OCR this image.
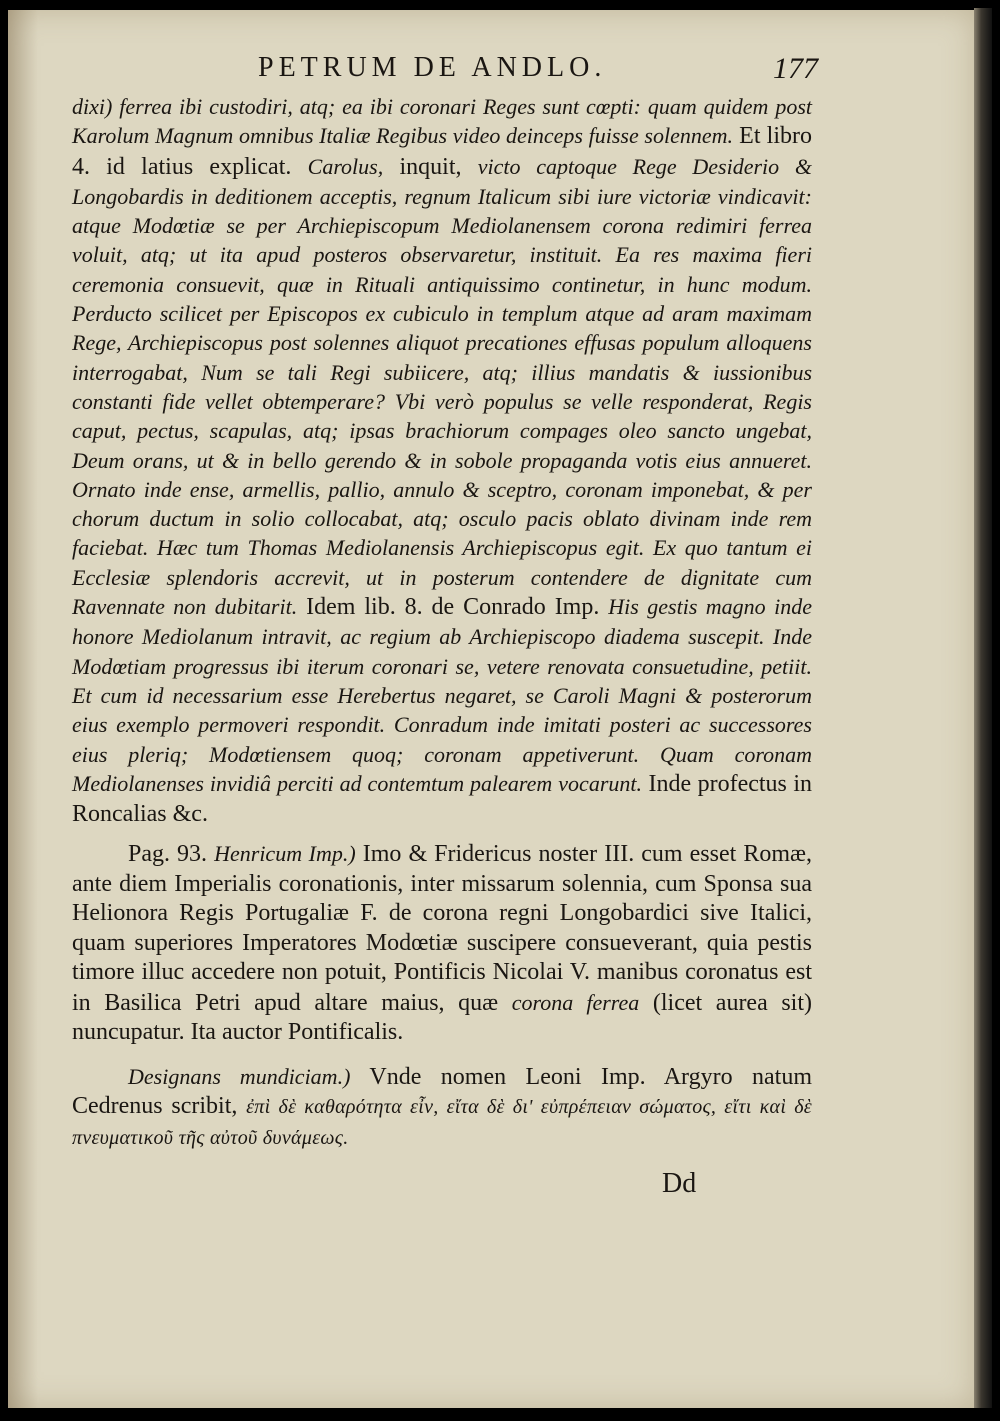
PETRUM DE ANDLO.	177

dixi) ferrea ibi custodiri, atq; ea ibi coronari Reges sunt cœpti: quam quidem post Karolum Magnum omnibus Italiæ Regibus video deinceps fuisse solennem. Et libro 4. id latius explicat. Carolus, inquit, victo captoque Rege Desiderio & Longobardis in deditionem acceptis, regnum Italicum sibi iure victoriæ vindicavit: atque Modœtiæ se per Archiepiscopum Mediolanensem corona redimiri ferrea voluit, atq; ut ita apud posteros observaretur, instituit. Ea res maxima fieri ceremonia consuevit, quæ in Rituali antiquissimo continetur, in hunc modum. Perducto scilicet per Episcopos ex cubiculo in templum atque ad aram maximam Rege, Archiepiscopus post solennes aliquot precationes effusas populum alloquens interrogabat, Num se tali Regi subiicere, atq; illius mandatis & iussionibus constanti fide vellet obtemperare? Vbi verò populus se velle responderat, Regis caput, pectus, scapulas, atq; ipsas brachiorum compages oleo sancto ungebat, Deum orans, ut & in bello gerendo & in sobole propaganda votis eius annueret. Ornato inde ense, armellis, pallio, annulo & sceptro, coronam imponebat, & per chorum ductum in solio collocabat, atq; osculo pacis oblato divinam inde rem faciebat. Hæc tum Thomas Mediolanensis Archiepiscopus egit. Ex quo tantum ei Ecclesiæ splendoris accrevit, ut in posterum contendere de dignitate cum Ravennate non dubitarit. Idem lib. 8. de Conrado Imp. His gestis magno inde honore Mediolanum intravit, ac regium ab Archiepiscopo diadema suscepit. Inde Modœtiam progressus ibi iterum coronari se, vetere renovata consuetudine, petiit. Et cum id necessarium esse Herebertus negaret, se Caroli Magni & posterorum eius exemplo permoveri respondit. Conradum inde imitati posteri ac successores eius pleriq; Modœtiensem quoq; coronam appetiverunt. Quam coronam Mediolanenses invidiâ perciti ad contemtum palearem vocarunt. Inde profectus in Roncalias &c.

Pag. 93. Henricum Imp.) Imo & Fridericus noster III. cum esset Romæ, ante diem Imperialis coronationis, inter missarum solennia, cum Sponsa sua Helionora Regis Portugaliæ F. de corona regni Longobardici sive Italici, quam superiores Imperatores Modœtiæ suscipere consueverant, quia pestis timore illuc accedere non potuit, Pontificis Nicolai V. manibus coronatus est in Basilica Petri apud altare maius, quæ corona ferrea (licet aurea sit) nuncupatur. Ita auctor Pontificalis.

Designans mundiciam.) Vnde nomen Leoni Imp. Argyro natum Cedrenus scribit, ἐπὶ δὲ καθαρότητα εἶν, εἴτα δὲ δι' εὐπρέπειαν σώματος, εἴτι καὶ δὲ πνευματικοῦ τῆς αὐτοῦ δυνάμεως.

Dd
